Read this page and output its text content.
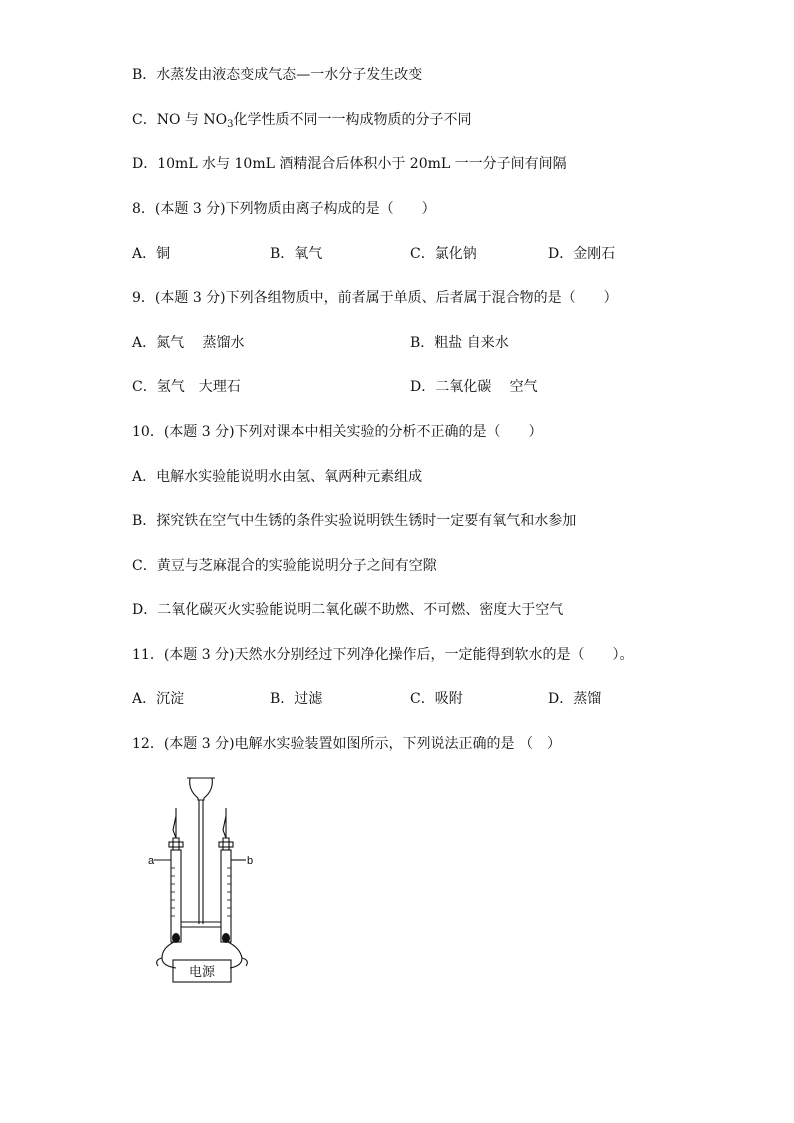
B．水蒸发由液态变成气态—一水分子发生改变
C．NO 与 $NO_3$化学性质不同一一构成物质的分子不同
D．10mL 水与 10mL 酒精混合后体积小于 20mL 一一分子间有间隔
8．(本题 3 分)下列物质由离子构成的是（　　）
A．铜	B．氧气	C．氯化钠	D．金刚石
9．(本题 3 分)下列各组物质中，前者属于单质、后者属于混合物的是（　　）
A．氮气　 蒸馏水	B．粗盐 自来水
C．氢气　大理石	D．二氧化碳　 空气
10．(本题 3 分)下列对课本中相关实验的分析不正确的是（　　）
A．电解水实验能说明水由氢、氧两种元素组成
B．探究铁在空气中生锈的条件实验说明铁生锈时一定要有氧气和水参加
C．黄豆与芝麻混合的实验能说明分子之间有空隙
D．二氧化碳灭火实验能说明二氧化碳不助燃、不可燃、密度大于空气
11．(本题 3 分)天然水分别经过下列净化操作后，一定能得到软水的是（　　）。
A．沉淀	B．过滤	C．吸附	D．蒸馏
12．(本题 3 分)电解水实验装置如图所示，下列说法正确的是 （　）
a	b
电源
